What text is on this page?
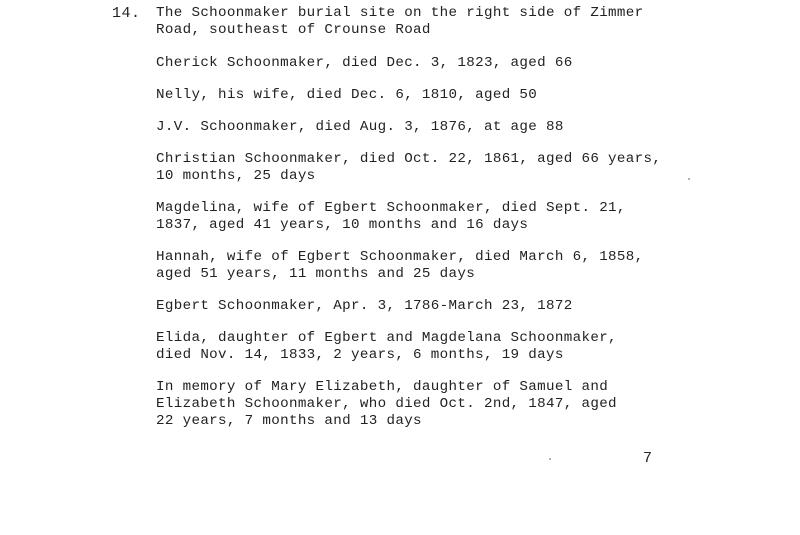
14. The Schoonmaker burial site on the right side of Zimmer
Road, southeast of Crounse Road
Cherick Schoonmaker, died Dec. 3, 1823, aged 66
Nelly, his wife, died Dec. 6, 1810, aged 50
J.V. Schoonmaker, died Aug. 3, 1876, at age 88
Christian Schoonmaker, died Oct. 22, 1861, aged 66 years,
10 months, 25 days
Magdelina, wife of Egbert Schoonmaker, died Sept. 21,
1837, aged 41 years, 10 months and 16 days
Hannah, wife of Egbert Schoonmaker, died March 6, 1858,
aged 51 years, 11 months and 25 days
Egbert Schoonmaker, Apr. 3, 1786-March 23, 1872
Elida, daughter of Egbert and Magdelana Schoonmaker,
died Nov. 14, 1833, 2 years, 6 months, 19 days
In memory of Mary Elizabeth, daughter of Samuel and
Elizabeth Schoonmaker, who died Oct. 2nd, 1847, aged
22 years, 7 months and 13 days
7
